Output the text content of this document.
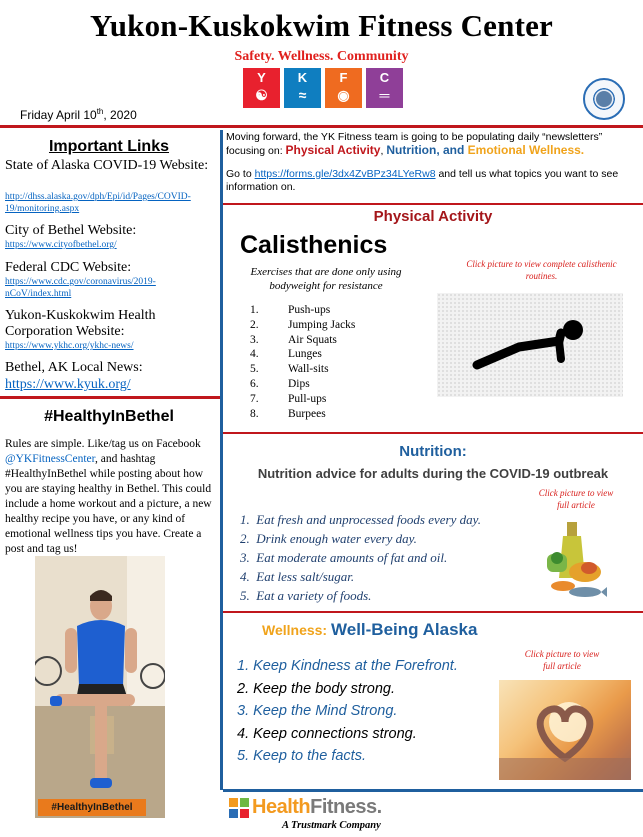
Yukon-Kuskokwim Fitness Center
Safety. Wellness. Community
Y
☯
K
≈
F
◉
C
═
Friday April 10th, 2020
Important Links
State of Alaska COVID-19 Website:
http://dhss.alaska.gov/dph/Epi/id/Pages/COVID-19/monitoring.aspx
City of Bethel Website:
https://www.cityofbethel.org/
Federal CDC Website:
https://www.cdc.gov/coronavirus/2019-nCoV/index.html
Yukon-Kuskokwim Health Corporation Website:
https://www.ykhc.org/ykhc-news/
Bethel, AK Local News:
https://www.kyuk.org/
#HealthyInBethel
Rules are simple. Like/tag us on Facebook @YKFitnessCenter, and hashtag #HealthyInBethel while posting about how you are staying healthy in Bethel. This could include a home workout and a picture, a new healthy recipe you have, or any kind of emotional wellness tips you have. Create a post and tag us!
#HealthyInBethel
Moving forward, the YK Fitness team is going to be populating daily “newsletters” focusing on: Physical Activity, Nutrition, and Emotional Wellness.
Go to https://forms.gle/3dx4ZvBPz34LYeRw8 and tell us what topics you want to see information on.
Physical Activity
Calisthenics
Exercises that are done only using bodyweight for resistance
Click picture to view complete calisthenic routines.
1.	Push-ups
2.	Jumping Jacks
3.	Air Squats
4.	Lunges
5.	Wall-sits
6.	Dips
7.	Pull-ups
8.	Burpees
Nutrition:
Nutrition advice for adults during the COVID-19 outbreak
Click picture to view full article
1.  Eat fresh and unprocessed foods every day.
2.  Drink enough water every day.
3.  Eat moderate amounts of fat and oil.
4.  Eat less salt/sugar.
5.  Eat a variety of foods.
Wellness: Well-Being Alaska
Click picture to view full article
1. Keep Kindness at the Forefront.
2. Keep the body strong.
3. Keep the Mind Strong.
4. Keep connections strong.
5. Keep to the facts.
HealthFitness.
A Trustmark Company
